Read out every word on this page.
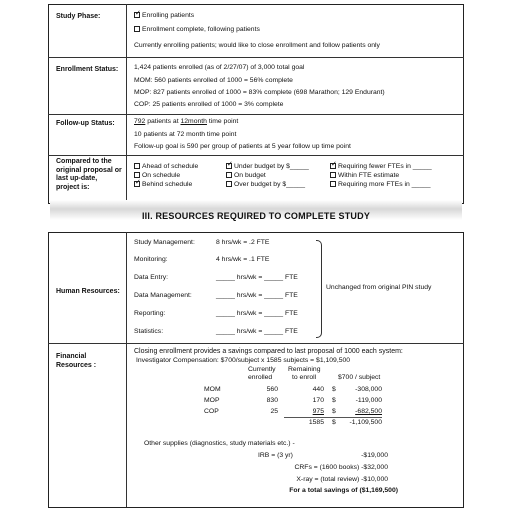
Study Phase:
✓	Enrolling patients
Enrollment complete, following patients
Currently enrolling patients; would like to close enrollment and follow patients only
Enrollment Status: 1,424 patients enrolled (as of 2/27/07) of 3,000 total goal
MOM: 560 patients enrolled of 1000 = 56% complete
MOP: 827 patients enrolled of 1000 = 83% complete (698 Marathon; 129 Endurant)
COP: 25 patients enrolled of 1000 = 3% complete
Follow-up Status:	792 patients at 12month time point
10 patients at 72 month time point
Follow-up goal is 590 per group of patients at 5 year follow up time point
Compared to the original proposal or last up-date, project is:
Ahead of schedule
On schedule
✓Behind schedule
✓Under budget by $_____
On budget
Over budget by $_____
✓Requiring fewer FTEs in _____
Within FTE estimate
Requiring more FTEs in _____
III. RESOURCES REQUIRED TO COMPLETE STUDY
Human Resources:
Study Management:	8 hrs/wk = .2 FTE
Monitoring:	4 hrs/wk = .1 FTE
Data Entry:	_____ hrs/wk = _____ FTE
Data Management:	_____ hrs/wk = _____ FTE
Reporting:	_____ hrs/wk = _____ FTE
Statistics:	_____ hrs/wk = _____ FTE
Unchanged from original PIN study
Financial Resources :
Closing enrollment provides a savings compared to last proposal of 1000 each system:
Investigator Compensation: $700/subject x 1585 subjects = $1,109,500
Currently
enrolled
Remaining
to enroll	$700 / subject
MOM	560	440 $	-308,000
MOP	830	170 $	-119,000
COP	25	975 $	-682,500
1585 $	-1,109,500
Other supplies (diagnostics, study materials etc.) -
IRB = (3 yr)	-$19,000
CRFs = (1600 books) -$32,000
X-ray = (total review) -$10,000
For a total savings of ($1,169,500)
